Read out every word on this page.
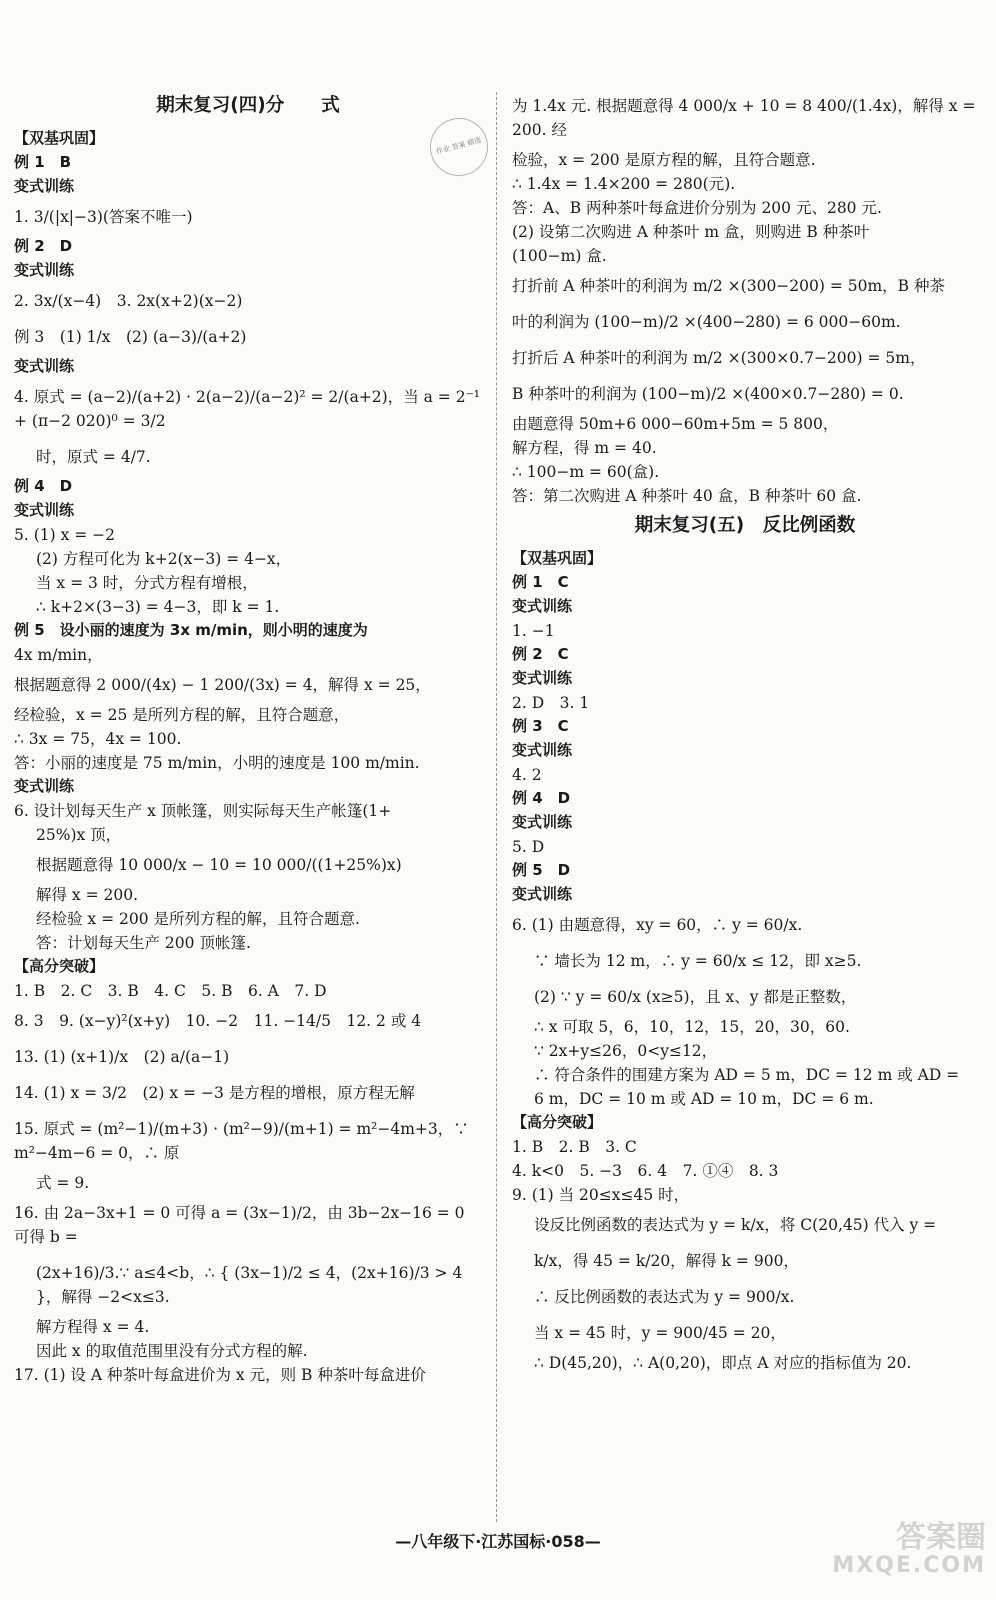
作业 答案 精选
期末复习(四)分　　式
【双基巩固】
例 1　B
变式训练
1. 3/(|x|−3)(答案不唯一)
例 2　D
变式训练
2. 3x/(x−4)　3. 2x(x+2)(x−2)
例 3　(1) 1/x　(2) (a−3)/(a+2)
变式训练
4. 原式 = (a−2)/(a+2) · 2(a−2)/(a−2)² = 2/(a+2)，当 a = 2⁻¹ + (π−2 020)⁰ = 3/2
时，原式 = 4/7.
例 4　D
变式训练
5. (1) x = −2
(2) 方程可化为 k+2(x−3) = 4−x，
当 x = 3 时，分式方程有增根，
∴ k+2×(3−3) = 4−3，即 k = 1.
例 5　设小丽的速度为 3x m/min，则小明的速度为
4x m/min，
根据题意得 2 000/(4x) − 1 200/(3x) = 4，解得 x = 25，
经检验，x = 25 是所列方程的解，且符合题意，
∴ 3x = 75，4x = 100.
答：小丽的速度是 75 m/min，小明的速度是 100 m/min.
变式训练
6. 设计划每天生产 x 顶帐篷，则实际每天生产帐篷(1+
25%)x 顶，
根据题意得 10 000/x − 10 = 10 000/((1+25%)x)
解得 x = 200.
经检验 x = 200 是所列方程的解，且符合题意.
答：计划每天生产 200 顶帐篷.
【高分突破】
1. B　2. C　3. B　4. C　5. B　6. A　7. D
8. 3　9. (x−y)²(x+y)　10. −2　11. −14/5　12. 2 或 4
13. (1) (x+1)/x　(2) a/(a−1)
14. (1) x = 3/2　(2) x = −3 是方程的增根，原方程无解
15. 原式 = (m²−1)/(m+3) · (m²−9)/(m+1) = m²−4m+3，∵ m²−4m−6 = 0，∴ 原
式 = 9.
16. 由 2a−3x+1 = 0 可得 a = (3x−1)/2，由 3b−2x−16 = 0 可得 b =
(2x+16)/3.∵ a≤4<b，∴ { (3x−1)/2 ≤ 4，(2x+16)/3 > 4 }，解得 −2<x≤3.
解方程得 x = 4.
因此 x 的取值范围里没有分式方程的解.
17. (1) 设 A 种茶叶每盒进价为 x 元，则 B 种茶叶每盒进价
为 1.4x 元. 根据题意得 4 000/x + 10 = 8 400/(1.4x)，解得 x = 200. 经
检验，x = 200 是原方程的解，且符合题意.
∴ 1.4x = 1.4×200 = 280(元).
答：A、B 两种茶叶每盒进价分别为 200 元、280 元.
(2) 设第二次购进 A 种茶叶 m 盒，则购进 B 种茶叶
(100−m) 盒.
打折前 A 种茶叶的利润为 m/2 ×(300−200) = 50m，B 种茶
叶的利润为 (100−m)/2 ×(400−280) = 6 000−60m.
打折后 A 种茶叶的利润为 m/2 ×(300×0.7−200) = 5m，
B 种茶叶的利润为 (100−m)/2 ×(400×0.7−280) = 0.
由题意得 50m+6 000−60m+5m = 5 800，
解方程，得 m = 40.
∴ 100−m = 60(盒).
答：第二次购进 A 种茶叶 40 盒，B 种茶叶 60 盒.
期末复习(五)　反比例函数
【双基巩固】
例 1　C
变式训练
1. −1
例 2　C
变式训练
2. D　3. 1
例 3　C
变式训练
4. 2
例 4　D
变式训练
5. D
例 5　D
变式训练
6. (1) 由题意得，xy = 60，∴ y = 60/x.
∵ 墙长为 12 m，∴ y = 60/x ≤ 12，即 x≥5.
(2) ∵ y = 60/x (x≥5)，且 x、y 都是正整数，
∴ x 可取 5，6，10，12，15，20，30，60.
∵ 2x+y≤26，0<y≤12，
∴ 符合条件的围建方案为 AD = 5 m，DC = 12 m 或 AD =
6 m，DC = 10 m 或 AD = 10 m，DC = 6 m.
【高分突破】
1. B　2. B　3. C
4. k<0　5. −3　6. 4　7. ①④　8. 3
9. (1) 当 20≤x≤45 时，
设反比例函数的表达式为 y = k/x，将 C(20,45) 代入 y =
k/x，得 45 = k/20，解得 k = 900，
∴ 反比例函数的表达式为 y = 900/x.
当 x = 45 时，y = 900/45 = 20，
∴ D(45,20)，∴ A(0,20)，即点 A 对应的指标值为 20.
—八年级下·江苏国标·058—	答案圈
MXQE.COM
